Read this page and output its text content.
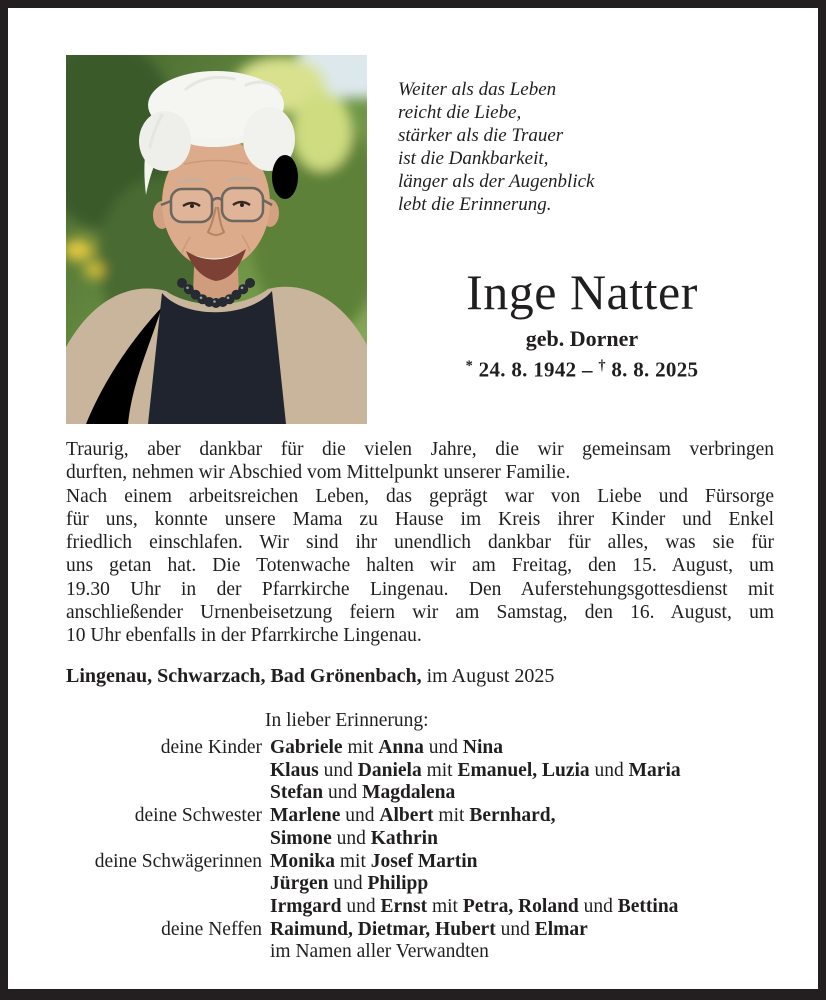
Weiter als das Leben
reicht die Liebe,
stärker als die Trauer
ist die Dankbarkeit,
länger als der Augenblick
lebt die Erinnerung.
Inge Natter
geb. Dorner
* 24. 8. 1942 – † 8. 8. 2025
Traurig, aber dankbar für die vielen Jahre, die wir gemeinsam verbringen
durften, nehmen wir Abschied vom Mittelpunkt unserer Familie.
Nach einem arbeitsreichen Leben, das geprägt war von Liebe und Fürsorge
für uns, konnte unsere Mama zu Hause im Kreis ihrer Kinder und Enkel
friedlich einschlafen. Wir sind ihr unendlich dankbar für alles, was sie für
uns getan hat. Die Totenwache halten wir am Freitag, den 15. August, um
19.30 Uhr in der Pfarrkirche Lingenau. Den Auferstehungsgottesdienst mit
anschließender Urnenbeisetzung feiern wir am Samstag, den 16. August, um
10 Uhr ebenfalls in der Pfarrkirche Lingenau.
Lingenau, Schwarzach, Bad Grönenbach, im August 2025
In lieber Erinnerung:
deine Kinder Gabriele mit Anna und Nina
Klaus und Daniela mit Emanuel, Luzia und Maria
Stefan und Magdalena
deine Schwester Marlene und Albert mit Bernhard,
Simone und Kathrin
deine Schwägerinnen Monika mit Josef Martin
Jürgen und Philipp
Irmgard und Ernst mit Petra, Roland und Bettina
deine Neffen Raimund, Dietmar, Hubert und Elmar
im Namen aller Verwandten
